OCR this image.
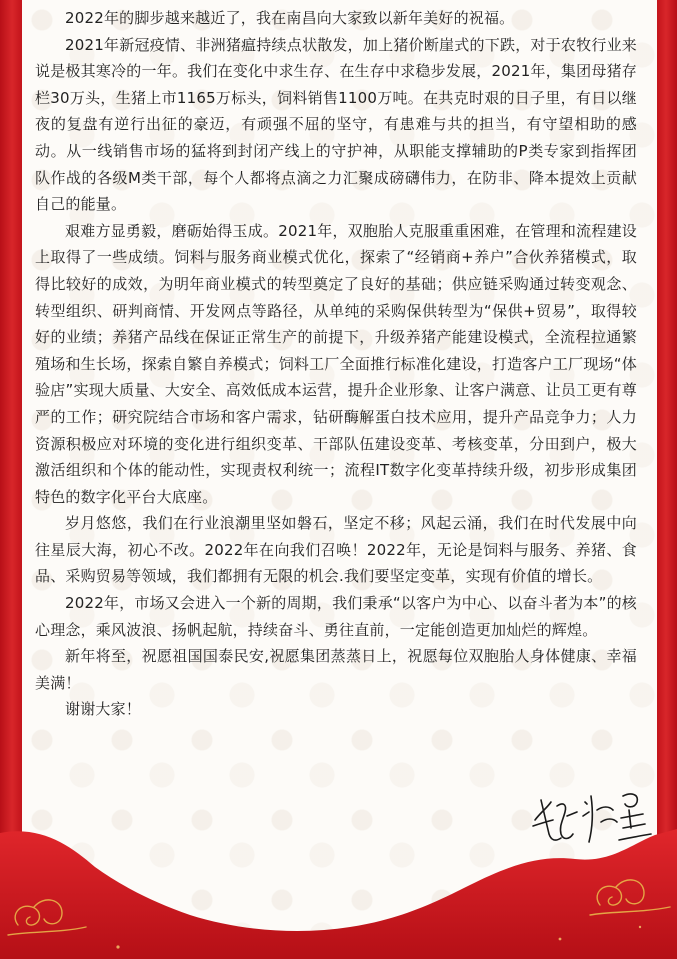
2022年的脚步越来越近了，我在南昌向大家致以新年美好的祝福。

2021年新冠疫情、非洲猪瘟持续点状散发，加上猪价断崖式的下跌，对于农牧行业来说是极其寒冷的一年。我们在变化中求生存、在生存中求稳步发展，2021年，集团母猪存栏30万头，生猪上市1165万标头，饲料销售1100万吨。在共克时艰的日子里，有日以继夜的复盘有逆行出征的豪迈，有顽强不屈的坚守，有患难与共的担当，有守望相助的感动。从一线销售市场的猛将到封闭产线上的守护神，从职能支撑辅助的P类专家到指挥团队作战的各级M类干部，每个人都将点滴之力汇聚成磅礴伟力，在防非、降本提效上贡献自己的能量。

艰难方显勇毅，磨砺始得玉成。2021年，双胞胎人克服重重困难，在管理和流程建设上取得了一些成绩。饲料与服务商业模式优化，探索了“经销商+养户”合伙养猪模式，取得比较好的成效，为明年商业模式的转型奠定了良好的基础；供应链采购通过转变观念、转型组织、研判商情、开发网点等路径，从单纯的采购保供转型为“保供+贸易”，取得较好的业绩；养猪产品线在保证正常生产的前提下，升级养猪产能建设模式，全流程拉通繁殖场和生长场，探索自繁自养模式；饲料工厂全面推行标准化建设，打造客户工厂现场“体验店”实现大质量、大安全、高效低成本运营，提升企业形象、让客户满意、让员工更有尊严的工作；研究院结合市场和客户需求，钻研酶解蛋白技术应用，提升产品竞争力；人力资源积极应对环境的变化进行组织变革、干部队伍建设变革、考核变革，分田到户，极大激活组织和个体的能动性，实现责权利统一；流程IT数字化变革持续升级，初步形成集团特色的数字化平台大底座。

岁月悠悠，我们在行业浪潮里坚如磐石，坚定不移；风起云涌，我们在时代发展中向往星辰大海，初心不改。2022年在向我们召唤！2022年，无论是饲料与服务、养猪、食品、采购贸易等领域，我们都拥有无限的机会.我们要坚定变革，实现有价值的增长。

2022年，市场又会进入一个新的周期，我们秉承“以客户为中心、以奋斗者为本”的核心理念，乘风波浪、扬帆起航，持续奋斗、勇往直前，一定能创造更加灿烂的辉煌。

新年将至，祝愿祖国国泰民安,祝愿集团蒸蒸日上，祝愿每位双胞胎人身体健康、幸福美满！

谢谢大家！
